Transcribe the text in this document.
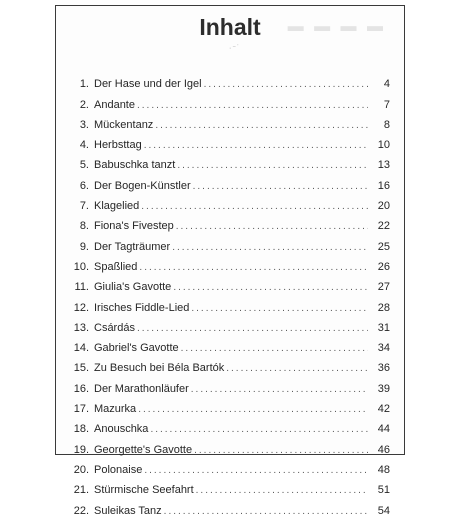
▬ ▬ ▬ ▬
Inhalt
·⁻˙
1. Der Hase und der Igel .....	4
2. Andante .....	7
3. Mückentanz .....	8
4. Herbsttag .....	10
5. Babuschka tanzt .....	13
6. Der Bogen-Künstler .....	16
7. Klagelied .....	20
8. Fiona's Fivestep .....	22
9. Der Tagträumer .....	25
10. Spaßlied .....	26
11. Giulia's Gavotte .....	27
12. Irisches Fiddle-Lied .....	28
13. Csárdás .....	31
14. Gabriel's Gavotte .....	34
15. Zu Besuch bei Béla Bartók .....	36
16. Der Marathonläufer .....	39
17. Mazurka .....	42
18. Anouschka .....	44
19. Georgette's Gavotte .....	46
20. Polonaise .....	48
21. Stürmische Seefahrt .....	51
22. Suleikas Tanz .....	54
